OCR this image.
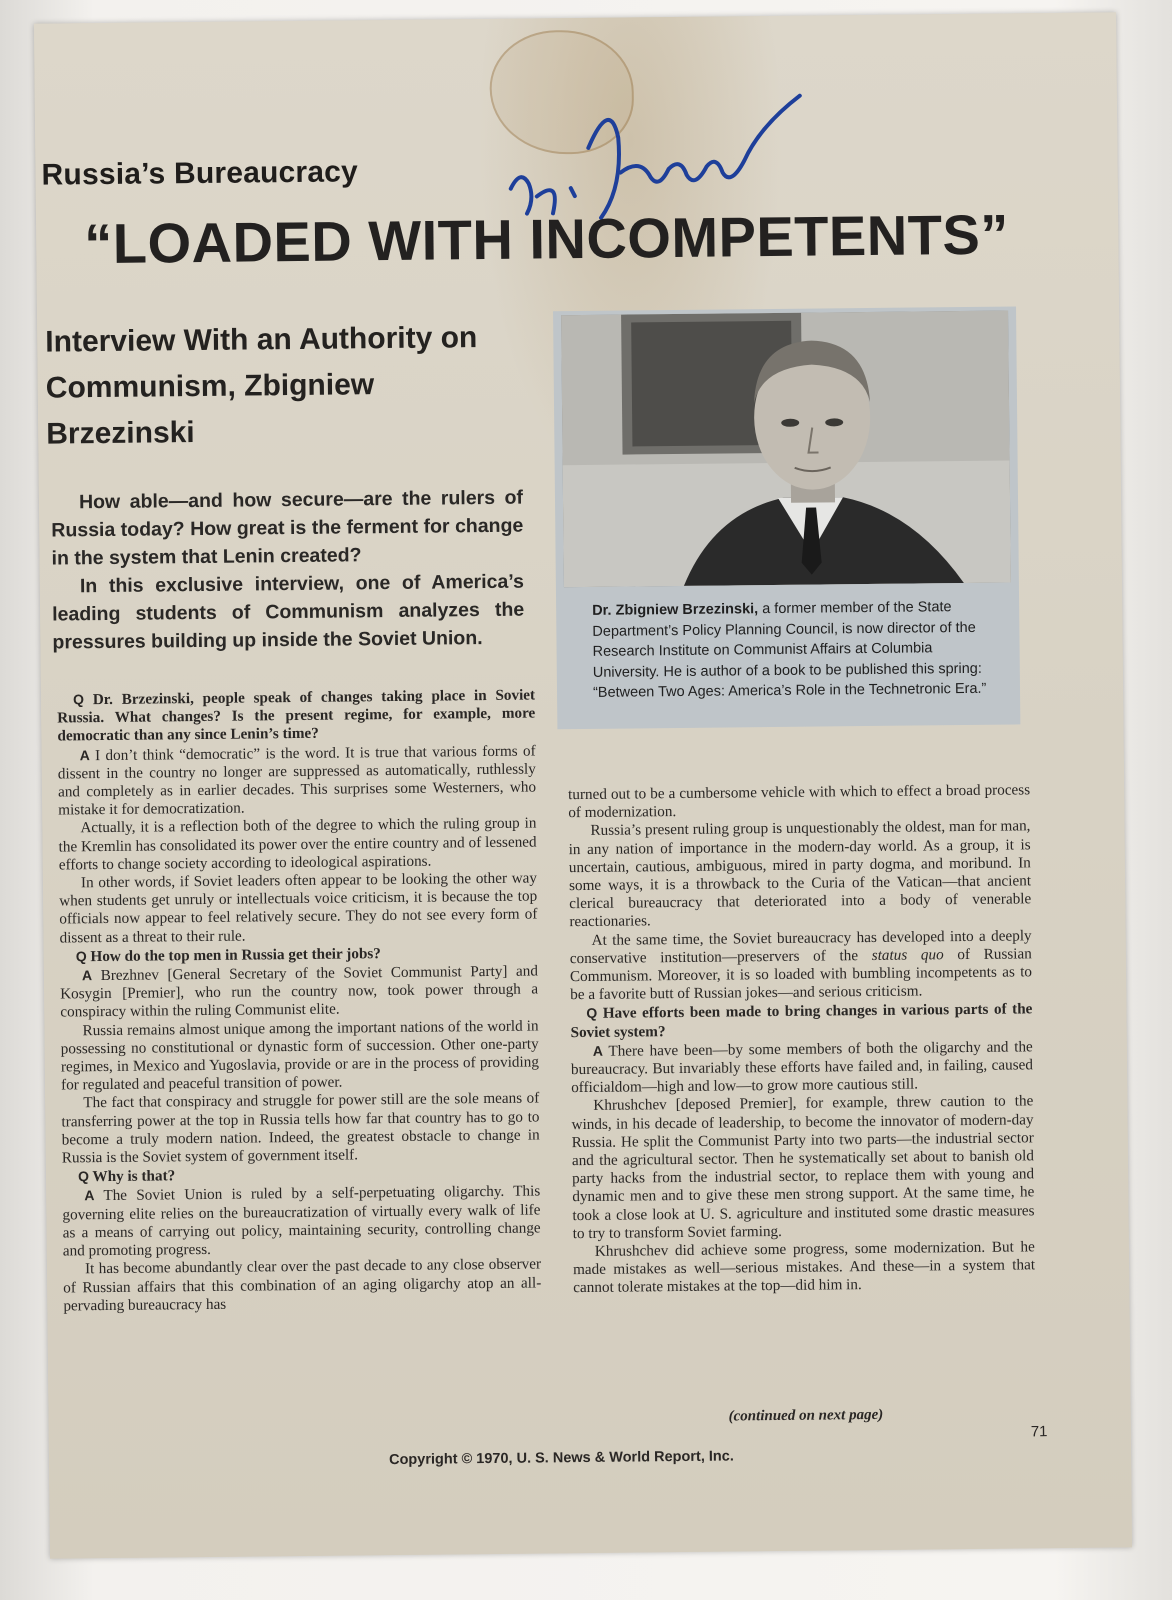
Russia’s Bureaucracy
“LOADED WITH INCOMPETENTS”
Interview With an Authority on Communism, Zbigniew Brzezinski

How able—and how secure—are the rulers of Russia today? How great is the ferment for change in the system that Lenin created?

In this exclusive interview, one of America’s leading students of Communism analyzes the pressures building up inside the Soviet Union.

Dr. Zbigniew Brzezinski, a former member of the State Department’s Policy Planning Council, is now director of the Research Institute on Communist Affairs at Columbia University. He is author of a book to be published this spring: “Between Two Ages: America’s Role in the Technetronic Era.”

Q Dr. Brzezinski, people speak of changes taking place in Soviet Russia. What changes? Is the present regime, for example, more democratic than any since Lenin’s time?

A I don’t think “democratic” is the word. It is true that various forms of dissent in the country no longer are suppressed as automatically, ruthlessly and completely as in earlier decades. This surprises some Westerners, who mistake it for democratization.

Actually, it is a reflection both of the degree to which the ruling group in the Kremlin has consolidated its power over the entire country and of lessened efforts to change society according to ideological aspirations.

In other words, if Soviet leaders often appear to be looking the other way when students get unruly or intellectuals voice criticism, it is because the top officials now appear to feel relatively secure. They do not see every form of dissent as a threat to their rule.

Q How do the top men in Russia get their jobs?

A Brezhnev [General Secretary of the Soviet Communist Party] and Kosygin [Premier], who run the country now, took power through a conspiracy within the ruling Communist elite.

Russia remains almost unique among the important nations of the world in possessing no constitutional or dynastic form of succession. Other one-party regimes, in Mexico and Yugoslavia, provide or are in the process of providing for regulated and peaceful transition of power.

The fact that conspiracy and struggle for power still are the sole means of transferring power at the top in Russia tells how far that country has to go to become a truly modern nation. Indeed, the greatest obstacle to change in Russia is the Soviet system of government itself.

Q Why is that?

A The Soviet Union is ruled by a self-perpetuating oligarchy. This governing elite relies on the bureaucratization of virtually every walk of life as a means of carrying out policy, maintaining security, controlling change and promoting progress.

It has become abundantly clear over the past decade to any close observer of Russian affairs that this combination of an aging oligarchy atop an all-pervading bureaucracy has

turned out to be a cumbersome vehicle with which to effect a broad process of modernization.

Russia’s present ruling group is unquestionably the oldest, man for man, in any nation of importance in the modern-day world. As a group, it is uncertain, cautious, ambiguous, mired in party dogma, and moribund. In some ways, it is a throwback to the Curia of the Vatican—that ancient clerical bureaucracy that deteriorated into a body of venerable reactionaries.

At the same time, the Soviet bureaucracy has developed into a deeply conservative institution—preservers of the status quo of Russian Communism. Moreover, it is so loaded with bumbling incompetents as to be a favorite butt of Russian jokes—and serious criticism.

Q Have efforts been made to bring changes in various parts of the Soviet system?

A There have been—by some members of both the oligarchy and the bureaucracy. But invariably these efforts have failed and, in failing, caused officialdom—high and low—to grow more cautious still.

Khrushchev [deposed Premier], for example, threw caution to the winds, in his decade of leadership, to become the innovator of modern-day Russia. He split the Communist Party into two parts—the industrial sector and the agricultural sector. Then he systematically set about to banish old party hacks from the industrial sector, to replace them with young and dynamic men and to give these men strong support. At the same time, he took a close look at U. S. agriculture and instituted some drastic measures to try to transform Soviet farming.

Khrushchev did achieve some progress, some modernization. But he made mistakes as well—serious mistakes. And these—in a system that cannot tolerate mistakes at the top—did him in.

(continued on next page)
Copyright © 1970, U. S. News & World Report, Inc.
71
